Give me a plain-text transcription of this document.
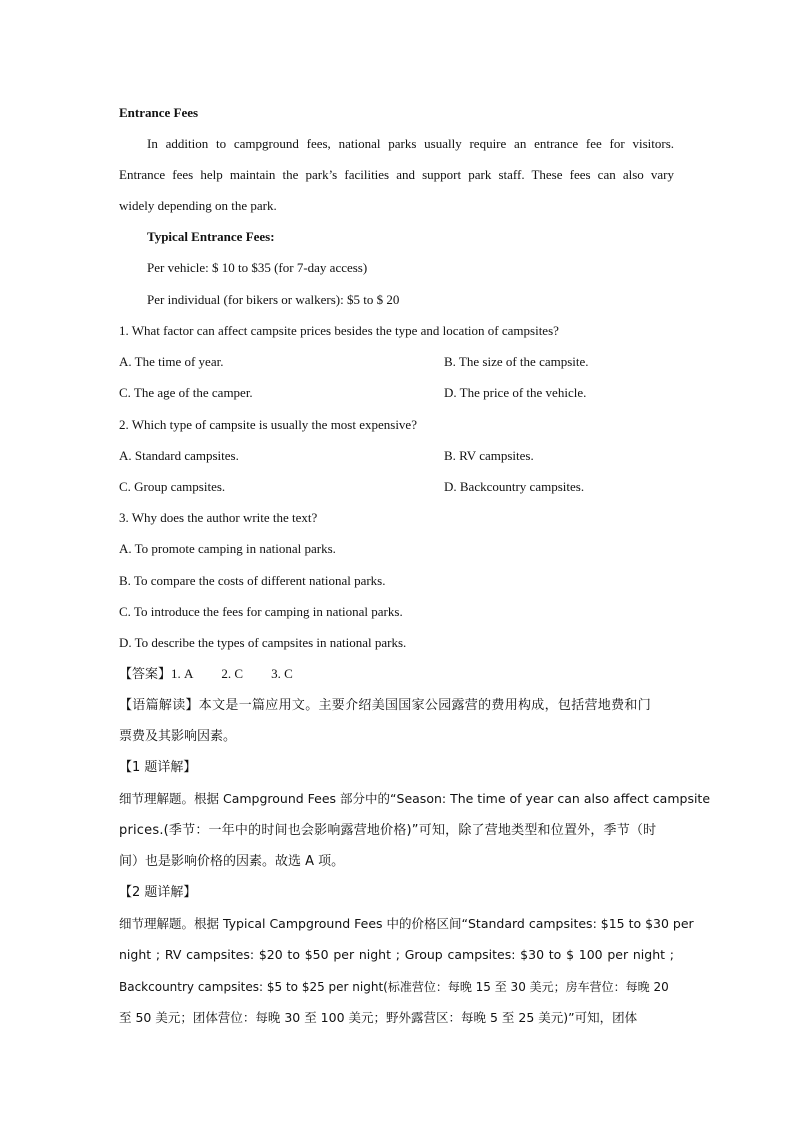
Entrance Fees
In addition to campground fees, national parks usually require an entrance fee for visitors.
Entrance fees help maintain the park’s facilities and support park staff. These fees can also vary
widely depending on the park.
Typical Entrance Fees:
Per vehicle: $ 10 to $35 (for 7-day access)
Per individual (for bikers or walkers): $5 to $ 20
1. What factor can affect campsite prices besides the type and location of campsites?
A. The time of year.	B. The size of the campsite.
C. The age of the camper.	D. The price of the vehicle.
2. Which type of campsite is usually the most expensive?
A. Standard campsites.	B. RV campsites.
C. Group campsites.	D. Backcountry campsites.
3. Why does the author write the text?
A. To promote camping in national parks.
B. To compare the costs of different national parks.
C. To introduce the fees for camping in national parks.
D. To describe the types of campsites in national parks.
【答案】1. A 2. C 3. C
【语篇解读】本文是一篇应用文。主要介绍美国国家公园露营的费用构成，包括营地费和门
票费及其影响因素。
【1 题详解】
细节理解题。根据 Campground Fees 部分中的“Season: The time of year can also affect campsite
prices.(季节：一年中的时间也会影响露营地价格)”可知，除了营地类型和位置外，季节（时
间）也是影响价格的因素。故选 A 项。
【2 题详解】
细节理解题。根据 Typical Campground Fees 中的价格区间“Standard campsites: $15 to $30 per
night ; RV campsites: $20 to $50 per night ; Group campsites: $30 to $ 100 per night ;
Backcountry campsites: $5 to $25 per night(标准营位：每晚 15 至 30 美元；房车营位：每晚 20
至 50 美元；团体营位：每晚 30 至 100 美元；野外露营区：每晚 5 至 25 美元)”可知，团体
